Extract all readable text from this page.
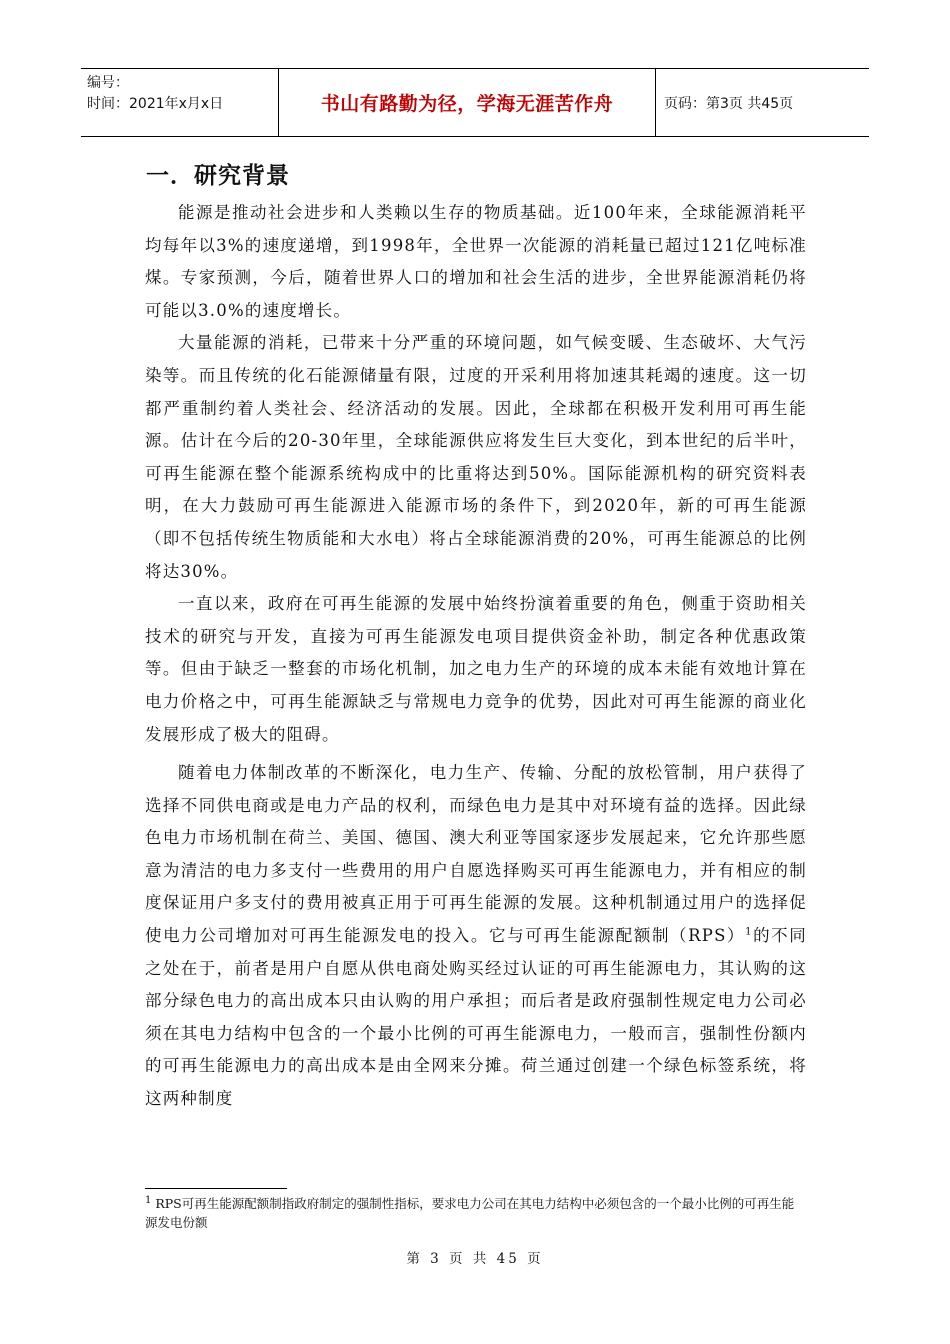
编号：
时间：2021年x月x日	书山有路勤为径，学海无涯苦作舟	页码：第3页 共45页
一．研究背景

能源是推动社会进步和人类赖以生存的物质基础。近100年来，全球能源消耗平均每年以3%的速度递增，到1998年，全世界一次能源的消耗量已超过121亿吨标准煤。专家预测，今后，随着世界人口的增加和社会生活的进步，全世界能源消耗仍将可能以3.0%的速度增长。

大量能源的消耗，已带来十分严重的环境问题，如气候变暖、生态破坏、大气污染等。而且传统的化石能源储量有限，过度的开采利用将加速其耗竭的速度。这一切都严重制约着人类社会、经济活动的发展。因此，全球都在积极开发利用可再生能源。估计在今后的20-30年里，全球能源供应将发生巨大变化，到本世纪的后半叶，可再生能源在整个能源系统构成中的比重将达到50%。国际能源机构的研究资料表明，在大力鼓励可再生能源进入能源市场的条件下，到2020年，新的可再生能源（即不包括传统生物质能和大水电）将占全球能源消费的20%，可再生能源总的比例将达30%。

一直以来，政府在可再生能源的发展中始终扮演着重要的角色，侧重于资助相关技术的研究与开发，直接为可再生能源发电项目提供资金补助，制定各种优惠政策等。但由于缺乏一整套的市场化机制，加之电力生产的环境的成本未能有效地计算在电力价格之中，可再生能源缺乏与常规电力竞争的优势，因此对可再生能源的商业化发展形成了极大的阻碍。

随着电力体制改革的不断深化，电力生产、传输、分配的放松管制，用户获得了选择不同供电商或是电力产品的权利，而绿色电力是其中对环境有益的选择。因此绿色电力市场机制在荷兰、美国、德国、澳大利亚等国家逐步发展起来，它允许那些愿意为清洁的电力多支付一些费用的用户自愿选择购买可再生能源电力，并有相应的制度保证用户多支付的费用被真正用于可再生能源的发展。这种机制通过用户的选择促使电力公司增加对可再生能源发电的投入。它与可再生能源配额制（RPS）$^1$的不同之处在于，前者是用户自愿从供电商处购买经过认证的可再生能源电力，其认购的这部分绿色电力的高出成本只由认购的用户承担；而后者是政府强制性规定电力公司必须在其电力结构中包含的一个最小比例的可再生能源电力，一般而言，强制性份额内的可再生能源电力的高出成本是由全网来分摊。荷兰通过创建一个绿色标签系统，将这两种制度

$^1$ RPS可再生能源配额制指政府制定的强制性指标，要求电力公司在其电力结构中必须包含的一个最小比例的可再生能源发电份额
第 3 页 共 45 页
